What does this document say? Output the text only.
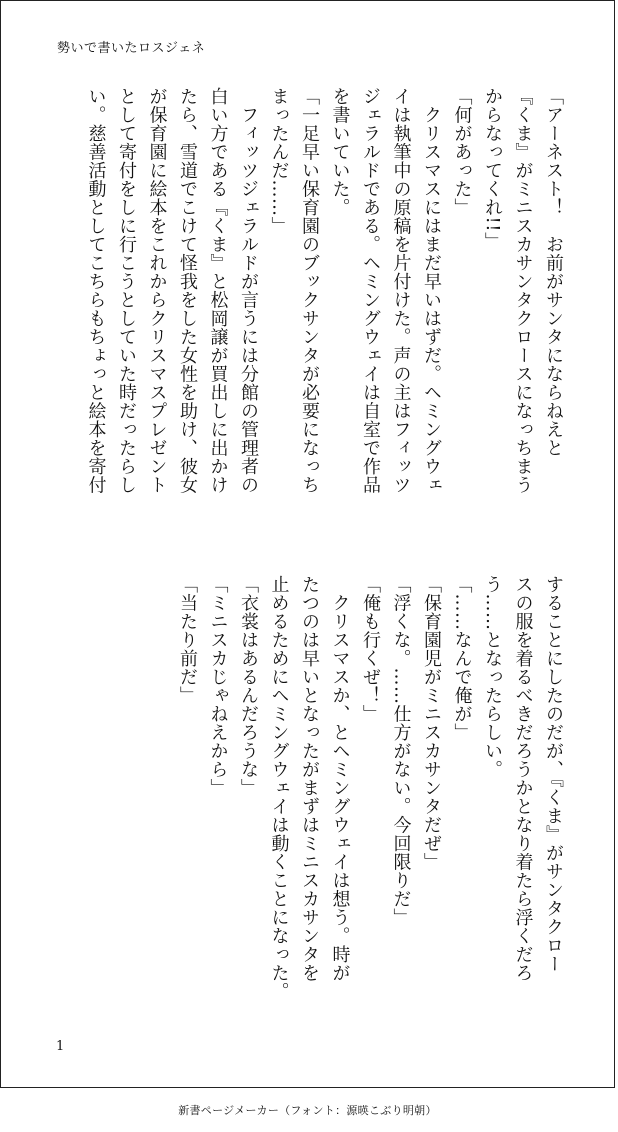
勢いで書いたロスジェネ
「アーネスト！　お前がサンタにならねえと
『くま』がミニスカサンタクロースになっちまう
からなってくれ!!」
「何があった」
　クリスマスにはまだ早いはずだ。ヘミングウェ
イは執筆中の原稿を片付けた。声の主はフィッツ
ジェラルドである。ヘミングウェイは自室で作品
を書いていた。
「一足早い保育園のブックサンタが必要になっち
まったんだ……」
　フィッツジェラルドが言うには分館の管理者の
白い方である『くま』と松岡譲が買出しに出かけ
たら、雪道でこけて怪我をした女性を助け、彼女
が保育園に絵本をこれからクリスマスプレゼント
として寄付をしに行こうとしていた時だったらし
い。慈善活動としてこちらもちょっと絵本を寄付
することにしたのだが、『くま』がサンタクロー
スの服を着るべきだろうかとなり着たら浮くだろ
う……となったらしい。
「……なんで俺が」
「保育園児がミニスカサンタだぜ」
「浮くな。……仕方がない。今回限りだ」
「俺も行くぜ！」
　クリスマスか、とヘミングウェイは想う。時が
たつのは早いとなったがまずはミニスカサンタを
止めるためにヘミングウェイは動くことになった。
「衣裳はあるんだろうな」
「ミニスカじゃねえから」
「当たり前だ」
1
新書ページメーカー（フォント：源暎こぶり明朝）
